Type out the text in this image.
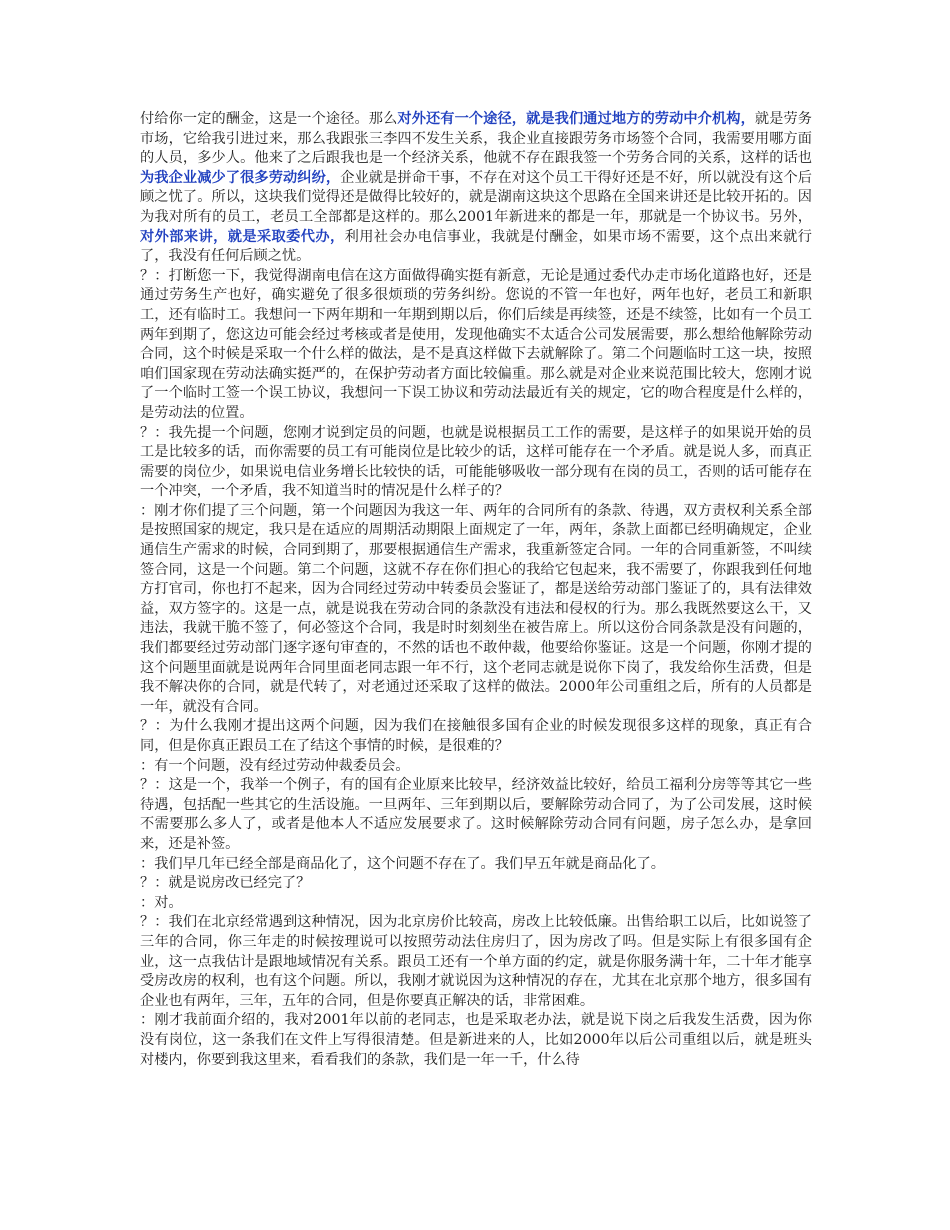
付给你一定的酬金，这是一个途径。那么对外还有一个途径，就是我们通过地方的劳动中介机构，就是劳务市场，它给我引进过来，那么我跟张三李四不发生关系，我企业直接跟劳务市场签个合同，我需要用哪方面的人员，多少人。他来了之后跟我也是一个经济关系，他就不存在跟我签一个劳务合同的关系，这样的话也为我企业减少了很多劳动纠纷，企业就是拼命干事，不存在对这个员工干得好还是不好，所以就没有这个后顾之忧了。所以，这块我们觉得还是做得比较好的，就是湖南这块这个思路在全国来讲还是比较开拓的。因为我对所有的员工，老员工全部都是这样的。那么2001年新进来的都是一年，那就是一个协议书。另外，对外部来讲，就是采取委代办，利用社会办电信事业，我就是付酬金，如果市场不需要，这个点出来就行了，我没有任何后顾之忧。

？：打断您一下，我觉得湖南电信在这方面做得确实挺有新意，无论是通过委代办走市场化道路也好，还是通过劳务生产也好，确实避免了很多很烦琐的劳务纠纷。您说的不管一年也好，两年也好，老员工和新职工，还有临时工。我想问一下两年期和一年期到期以后，你们后续是再续签，还是不续签，比如有一个员工两年到期了，您这边可能会经过考核或者是使用，发现他确实不太适合公司发展需要，那么想给他解除劳动合同，这个时候是采取一个什么样的做法，是不是真这样做下去就解除了。第二个问题临时工这一块，按照咱们国家现在劳动法确实挺严的，在保护劳动者方面比较偏重。那么就是对企业来说范围比较大，您刚才说了一个临时工签一个误工协议，我想问一下误工协议和劳动法最近有关的规定，它的吻合程度是什么样的，是劳动法的位置。

？：我先提一个问题，您刚才说到定员的问题，也就是说根据员工工作的需要，是这样子的如果说开始的员工是比较多的话，而你需要的员工有可能岗位是比较少的话，这样可能存在一个矛盾。就是说人多，而真正需要的岗位少，如果说电信业务增长比较快的话，可能能够吸收一部分现有在岗的员工，否则的话可能存在一个冲突，一个矛盾，我不知道当时的情况是什么样子的？

：刚才你们提了三个问题，第一个问题因为我这一年、两年的合同所有的条款、待遇，双方责权利关系全部是按照国家的规定，我只是在适应的周期活动期限上面规定了一年，两年，条款上面都已经明确规定，企业通信生产需求的时候，合同到期了，那要根据通信生产需求，我重新签定合同。一年的合同重新签，不叫续签合同，这是一个问题。第二个问题，这就不存在你们担心的我给它包起来，我不需要了，你跟我到任何地方打官司，你也打不起来，因为合同经过劳动中转委员会鉴证了，都是送给劳动部门鉴证了的，具有法律效益，双方签字的。这是一点，就是说我在劳动合同的条款没有违法和侵权的行为。那么我既然要这么干，又违法，我就干脆不签了，何必签这个合同，我是时时刻刻坐在被告席上。所以这份合同条款是没有问题的，我们都要经过劳动部门逐字逐句审查的，不然的话也不敢仲裁，他要给你鉴证。这是一个问题，你刚才提的这个问题里面就是说两年合同里面老同志跟一年不行，这个老同志就是说你下岗了，我发给你生活费，但是我不解决你的合同，就是代转了，对老通过还采取了这样的做法。2000年公司重组之后，所有的人员都是一年，就没有合同。

？：为什么我刚才提出这两个问题，因为我们在接触很多国有企业的时候发现很多这样的现象，真正有合同，但是你真正跟员工在了结这个事情的时候，是很难的？

：有一个问题，没有经过劳动仲裁委员会。

？：这是一个，我举一个例子，有的国有企业原来比较早，经济效益比较好，给员工福利分房等等其它一些待遇，包括配一些其它的生活设施。一旦两年、三年到期以后，要解除劳动合同了，为了公司发展，这时候不需要那么多人了，或者是他本人不适应发展要求了。这时候解除劳动合同有问题，房子怎么办，是拿回来，还是补签。

：我们早几年已经全部是商品化了，这个问题不存在了。我们早五年就是商品化了。

？：就是说房改已经完了？

：对。

？：我们在北京经常遇到这种情况，因为北京房价比较高，房改上比较低廉。出售给职工以后，比如说签了三年的合同，你三年走的时候按理说可以按照劳动法住房归了，因为房改了吗。但是实际上有很多国有企业，这一点我估计是跟地域情况有关系。跟员工还有一个单方面的约定，就是你服务满十年，二十年才能享受房改房的权利，也有这个问题。所以，我刚才就说因为这种情况的存在，尤其在北京那个地方，很多国有企业也有两年，三年，五年的合同，但是你要真正解决的话，非常困难。

：刚才我前面介绍的，我对2001年以前的老同志，也是采取老办法，就是说下岗之后我发生活费，因为你没有岗位，这一条我们在文件上写得很清楚。但是新进来的人，比如2000年以后公司重组以后，就是班头对楼内，你要到我这里来，看看我们的条款，我们是一年一千，什么待
